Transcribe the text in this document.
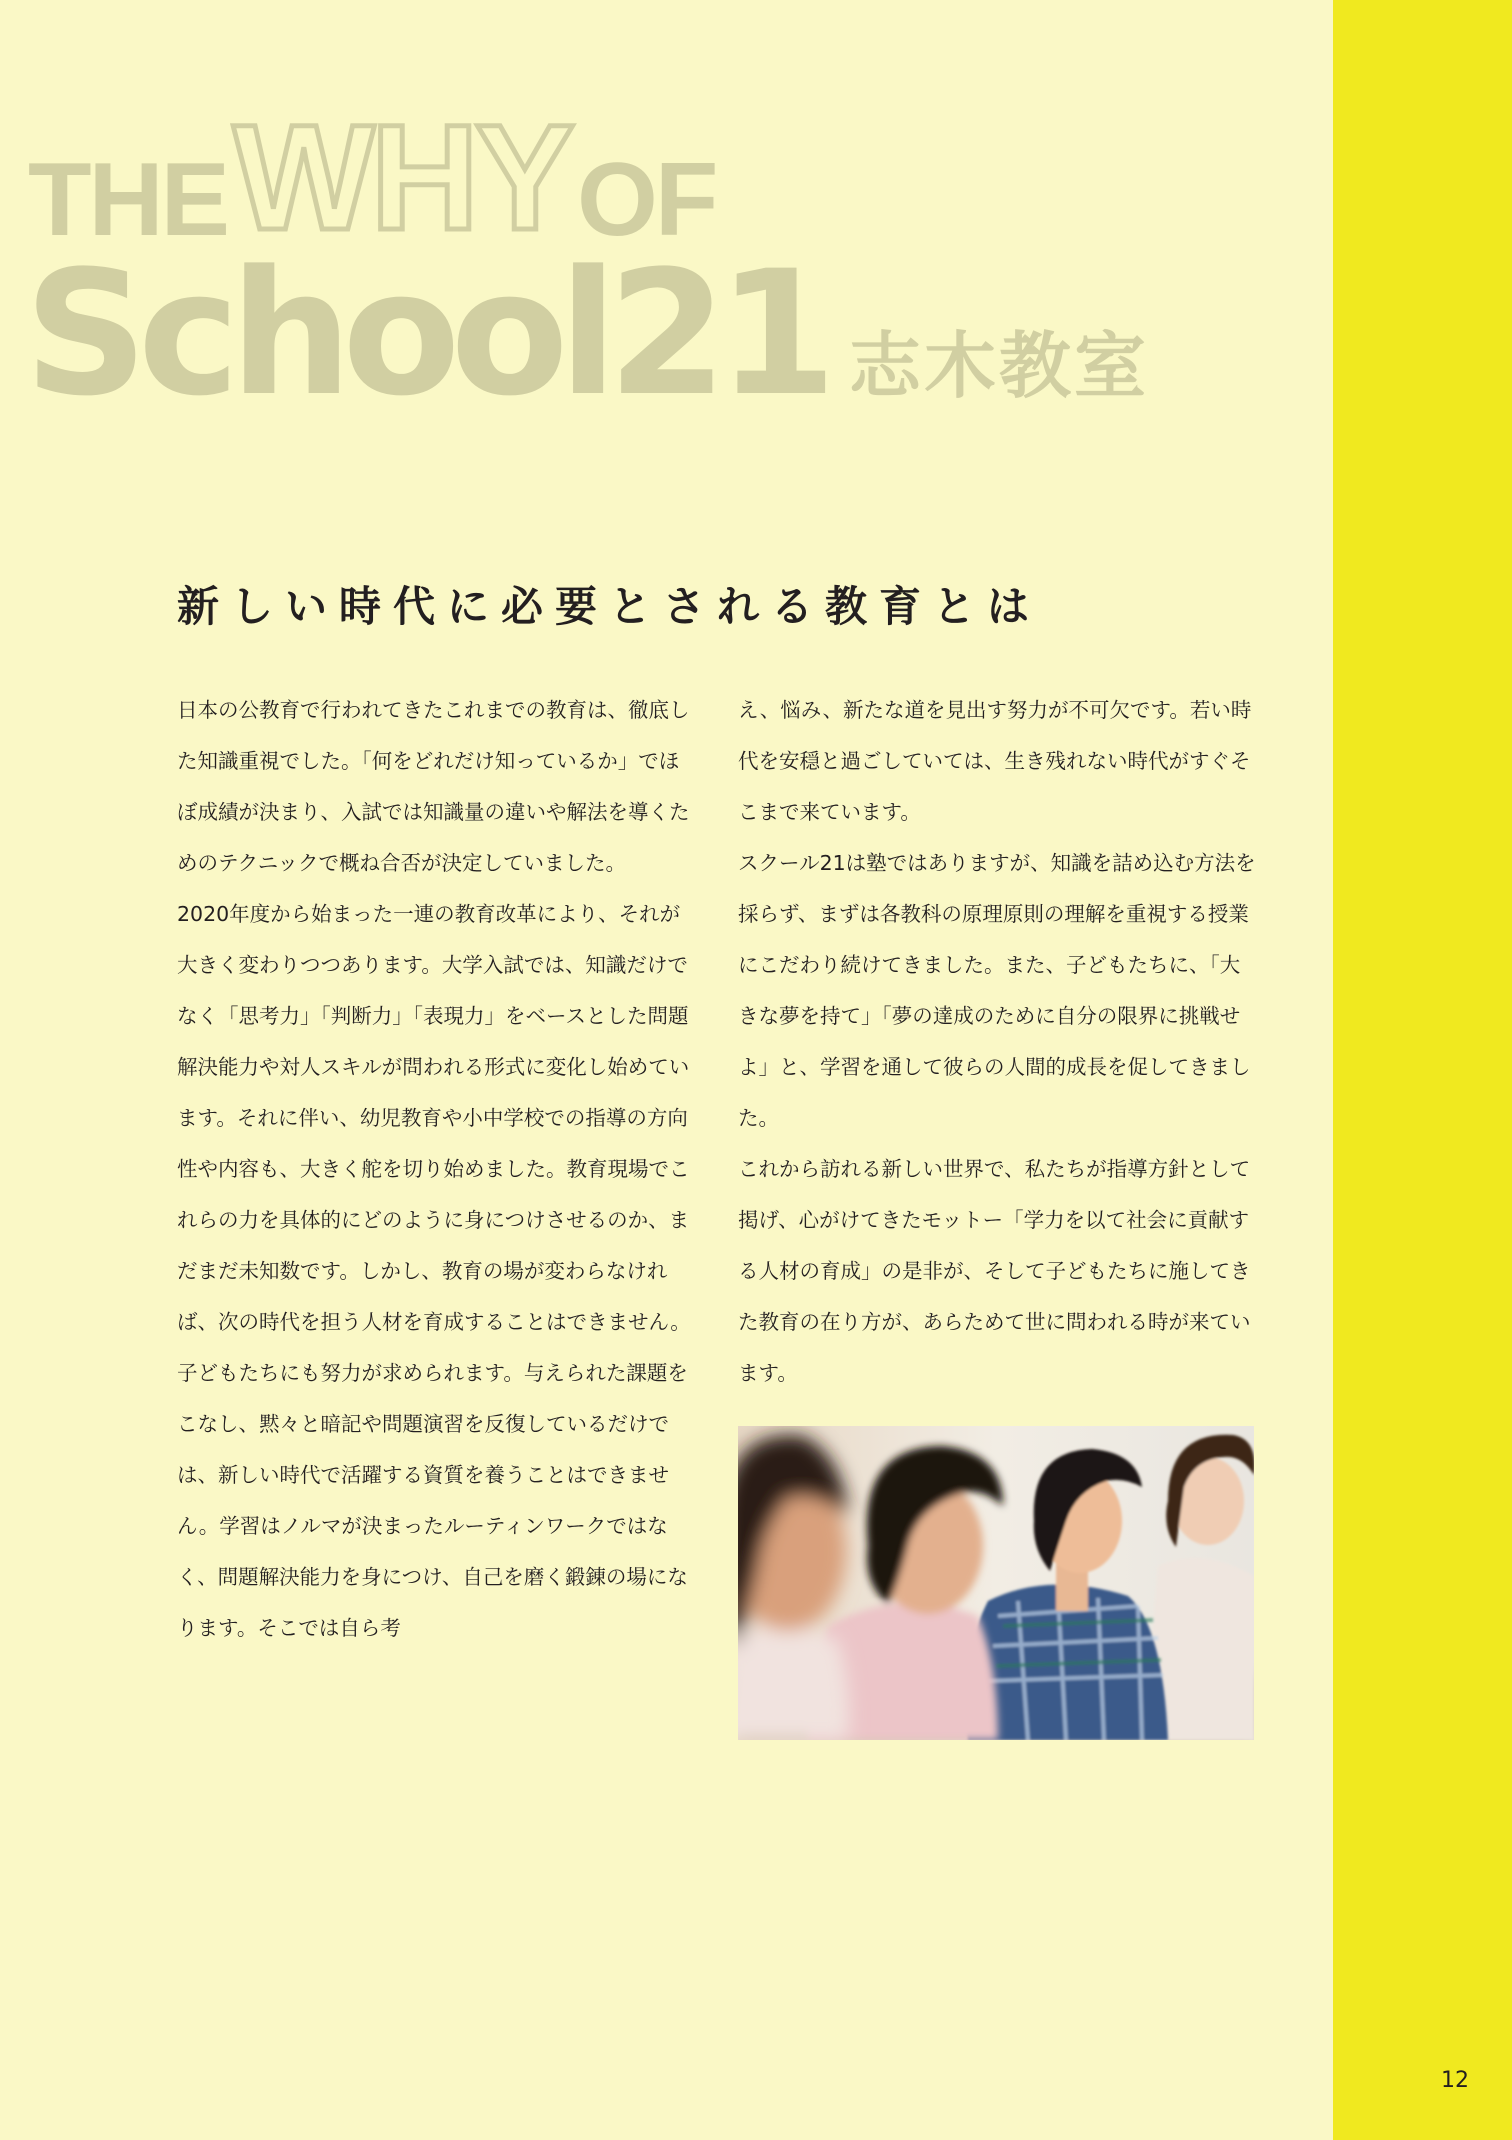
THE WHY OF
School21 志木教室
新しい時代に必要とされる教育とは

日本の公教育で行われてきたこれまでの教育は、徹底した知識重視でした。「何をどれだけ知っているか」でほぼ成績が決まり、入試では知識量の違いや解法を導くためのテクニックで概ね合否が決定していました。

2020年度から始まった一連の教育改革により、それが大きく変わりつつあります。大学入試では、知識だけでなく「思考力」「判断力」「表現力」をベースとした問題解決能力や対人スキルが問われる形式に変化し始めています。それに伴い、幼児教育や小中学校での指導の方向性や内容も、大きく舵を切り始めました。教育現場でこれらの力を具体的にどのように身につけさせるのか、まだまだ未知数です。しかし、教育の場が変わらなければ、次の時代を担う人材を育成することはできません。子どもたちにも努力が求められます。与えられた課題をこなし、黙々と暗記や問題演習を反復しているだけでは、新しい時代で活躍する資質を養うことはできません。学習はノルマが決まったルーティンワークではなく、問題解決能力を身につけ、自己を磨く鍛錬の場になります。そこでは自ら考

え、悩み、新たな道を見出す努力が不可欠です。若い時代を安穏と過ごしていては、生き残れない時代がすぐそこまで来ています。

スクール21は塾ではありますが、知識を詰め込む方法を採らず、まずは各教科の原理原則の理解を重視する授業にこだわり続けてきました。また、子どもたちに、「大きな夢を持て」「夢の達成のために自分の限界に挑戦せよ」と、学習を通して彼らの人間的成長を促してきました。

これから訪れる新しい世界で、私たちが指導方針として掲げ、心がけてきたモットー「学力を以て社会に貢献する人材の育成」の是非が、そして子どもたちに施してきた教育の在り方が、あらためて世に問われる時が来ています。

12
